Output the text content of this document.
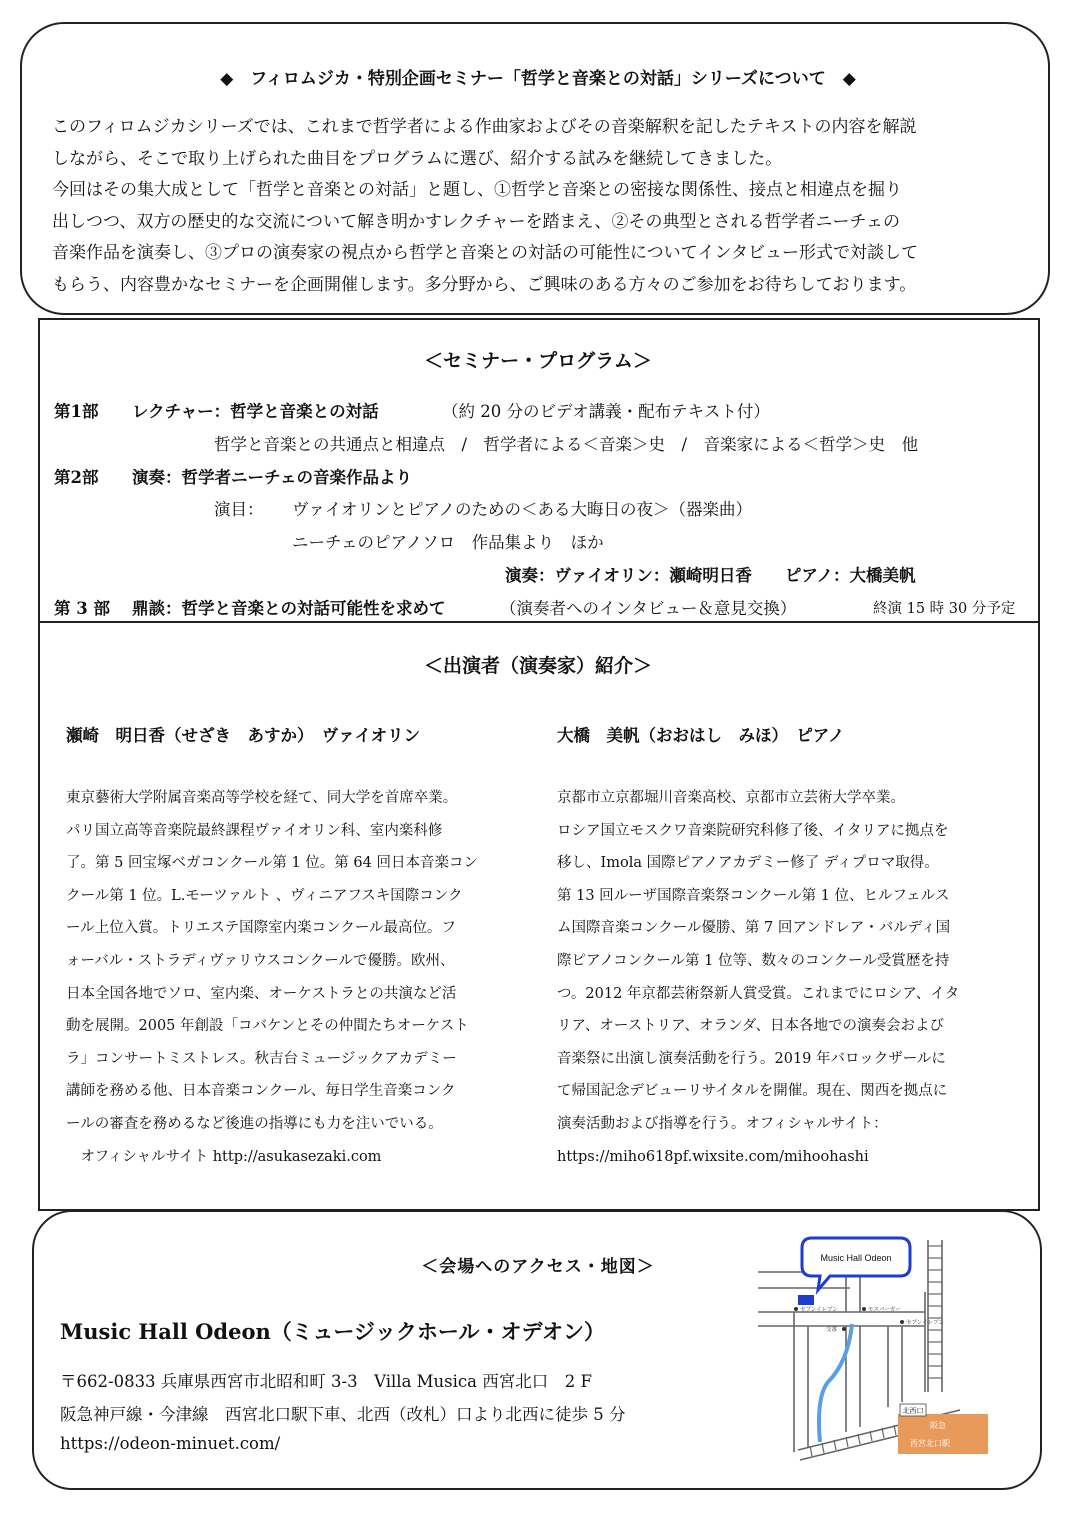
◆　フィロムジカ・特別企画セミナー「哲学と音楽との対話」シリーズについて　◆

このフィロムジカシリーズでは、これまで哲学者による作曲家およびその音楽解釈を記したテキストの内容を解説

しながら、そこで取り上げられた曲目をプログラムに選び、紹介する試みを継続してきました。

今回はその集大成として「哲学と音楽との対話」と題し、①哲学と音楽との密接な関係性、接点と相違点を掘り

出しつつ、双方の歴史的な交流について解き明かすレクチャーを踏まえ、②その典型とされる哲学者ニーチェの

音楽作品を演奏し、③プロの演奏家の視点から哲学と音楽との対話の可能性についてインタビュー形式で対談して

もらう、内容豊かなセミナーを企画開催します。多分野から、ご興味のある方々のご参加をお待ちしております。

＜セミナー・プログラム＞
第1部 レクチャー：哲学と音楽との対話	（約 20 分のビデオ講義・配布テキスト付）
哲学と音楽との共通点と相違点　/　哲学者による＜音楽＞史　/　音楽家による＜哲学＞史　他
第2部 演奏：哲学者ニーチェの音楽作品より
演目： ヴァイオリンとピアノのための＜ある大晦日の夜＞（器楽曲）
ニーチェのピアノソロ　作品集より　ほか
演奏：ヴァイオリン：瀬崎明日香　　ピアノ：大橋美帆
第 3 部 鼎談：哲学と音楽との対話可能性を求めて	（演奏者へのインタビュー＆意見交換）	終演 15 時 30 分予定
＜出演者（演奏家）紹介＞
瀬崎　明日香（せざき　あすか）　ヴァイオリン	大橋　美帆（おおはし　みほ）　ピアノ
東京藝術大学附属音楽高等学校を経て、同大学を首席卒業。
パリ国立高等音楽院最終課程ヴァイオリン科、室内楽科修
了。第 5 回宝塚ベガコンクール第 1 位。第 64 回日本音楽コン
クール第 1 位。L.モーツァルト 、ヴィニアフスキ国際コンク
ール上位入賞。トリエステ国際室内楽コンクール最高位。フ
ォーバル・ストラディヴァリウスコンクールで優勝。欧州、
日本全国各地でソロ、室内楽、オーケストラとの共演など活
動を展開。2005 年創設「コバケンとその仲間たちオーケスト
ラ」コンサートミストレス。秋吉台ミュージックアカデミー
講師を務める他、日本音楽コンクール、毎日学生音楽コンク
ールの審査を務めるなど後進の指導にも力を注いでいる。
　オフィシャルサイト http://asukasezaki.com
京都市立京都堀川音楽高校、京都市立芸術大学卒業。
ロシア国立モスクワ音楽院研究科修了後、イタリアに拠点を
移し、Imola 国際ピアノアカデミー修了 ディプロマ取得。
第 13 回ルーザ国際音楽祭コンクール第 1 位、ヒルフェルス
ム国際音楽コンクール優勝、第 7 回アンドレア・バルディ国
際ピアノコンクール第 1 位等、数々のコンクール受賞歴を持
つ。2012 年京都芸術祭新人賞受賞。これまでにロシア、イタ
リア、オーストリア、オランダ、日本各地での演奏会および
音楽祭に出演し演奏活動を行う。2019 年バロックザールに
て帰国記念デビューリサイタルを開催。現在、関西を拠点に
演奏活動および指導を行う。オフィシャルサイト：
https://miho618pf.wixsite.com/mihoohashi
＜会場へのアクセス・地図＞
Music Hall Odeon（ミュージックホール・オデオン）
〒662-0833 兵庫県西宮市北昭和町 3-3　Villa Musica 西宮北口　2 F
阪急神戸線・今津線　西宮北口駅下車、北西（改札）口より北西に徒歩 5 分
https://odeon-minuet.com/
北西口
阪急
西宮北口駅
Music Hall Odeon
セブンイレブン	モスバーガー
セブンイレブン
交番
